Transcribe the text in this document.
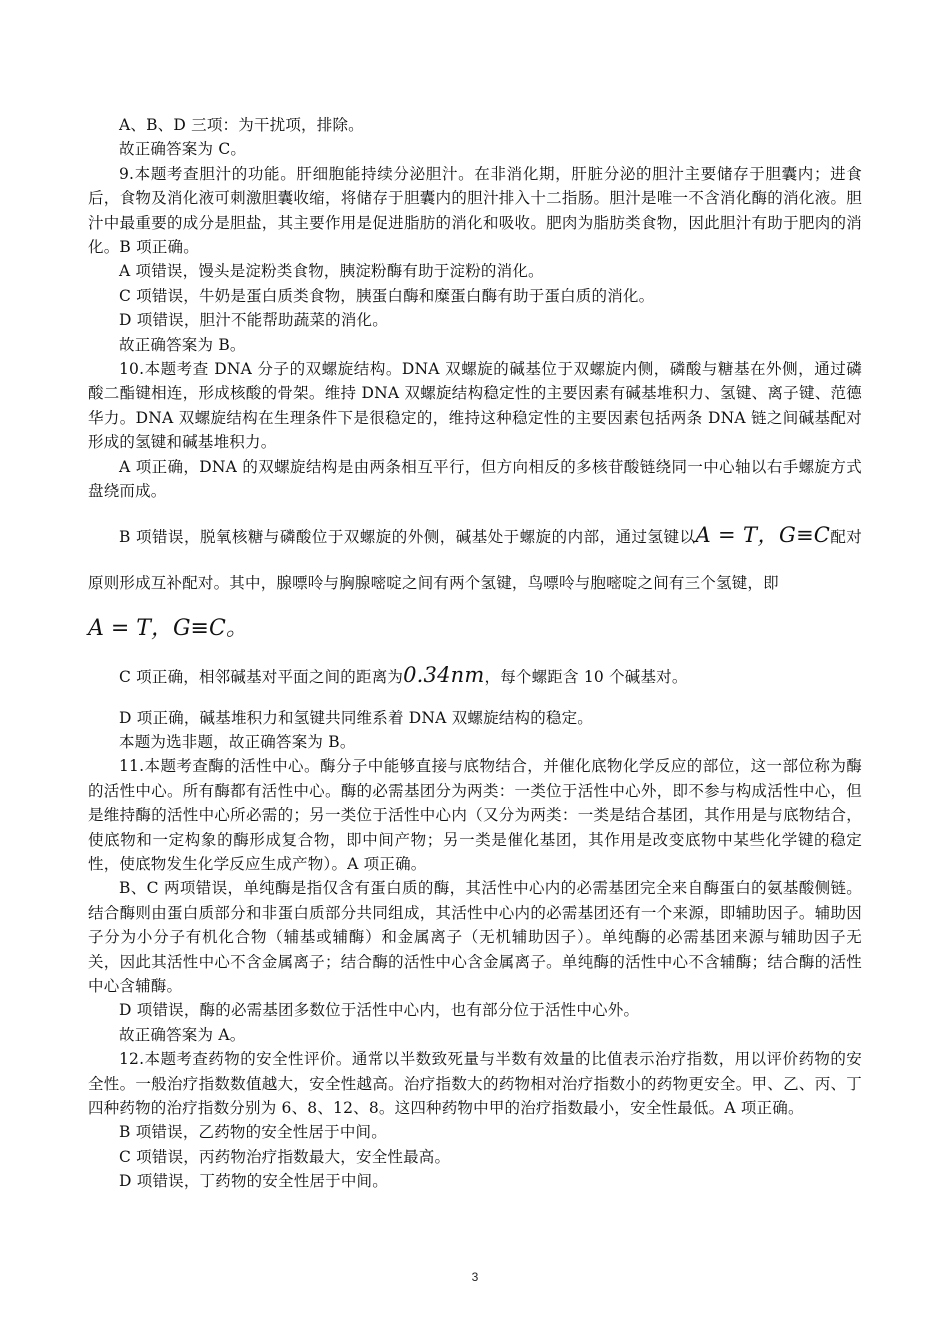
A、B、D 三项：为干扰项，排除。

故正确答案为 C。

9.本题考查胆汁的功能。肝细胞能持续分泌胆汁。在非消化期，肝脏分泌的胆汁主要储存于胆囊内；进食后，食物及消化液可刺激胆囊收缩，将储存于胆囊内的胆汁排入十二指肠。胆汁是唯一不含消化酶的消化液。胆汁中最重要的成分是胆盐，其主要作用是促进脂肪的消化和吸收。肥肉为脂肪类食物，因此胆汁有助于肥肉的消化。B 项正确。

A 项错误，馒头是淀粉类食物，胰淀粉酶有助于淀粉的消化。

C 项错误，牛奶是蛋白质类食物，胰蛋白酶和糜蛋白酶有助于蛋白质的消化。

D 项错误，胆汁不能帮助蔬菜的消化。

故正确答案为 B。

10.本题考查 DNA 分子的双螺旋结构。DNA 双螺旋的碱基位于双螺旋内侧，磷酸与糖基在外侧，通过磷酸二酯键相连，形成核酸的骨架。维持 DNA 双螺旋结构稳定性的主要因素有碱基堆积力、氢键、离子键、范德华力。DNA 双螺旋结构在生理条件下是很稳定的，维持这种稳定性的主要因素包括两条 DNA 链之间碱基配对形成的氢键和碱基堆积力。

A 项正确，DNA 的双螺旋结构是由两条相互平行，但方向相反的多核苷酸链绕同一中心轴以右手螺旋方式盘绕而成。

B 项错误，脱氧核糖与磷酸位于双螺旋的外侧，碱基处于螺旋的内部，通过氢键以A = T，G≡C配对原则形成互补配对。其中，腺嘌呤与胸腺嘧啶之间有两个氢键，鸟嘌呤与胞嘧啶之间有三个氢键，即

A = T，G≡C。

C 项正确，相邻碱基对平面之间的距离为0.34nm，每个螺距含 10 个碱基对。

D 项正确，碱基堆积力和氢键共同维系着 DNA 双螺旋结构的稳定。

本题为选非题，故正确答案为 B。

11.本题考查酶的活性中心。酶分子中能够直接与底物结合，并催化底物化学反应的部位，这一部位称为酶的活性中心。所有酶都有活性中心。酶的必需基团分为两类：一类位于活性中心外，即不参与构成活性中心，但是维持酶的活性中心所必需的；另一类位于活性中心内（又分为两类：一类是结合基团，其作用是与底物结合，使底物和一定构象的酶形成复合物，即中间产物；另一类是催化基团，其作用是改变底物中某些化学键的稳定性，使底物发生化学反应生成产物）。A 项正确。

B、C 两项错误，单纯酶是指仅含有蛋白质的酶，其活性中心内的必需基团完全来自酶蛋白的氨基酸侧链。结合酶则由蛋白质部分和非蛋白质部分共同组成，其活性中心内的必需基团还有一个来源，即辅助因子。辅助因子分为小分子有机化合物（辅基或辅酶）和金属离子（无机辅助因子）。单纯酶的必需基团来源与辅助因子无关，因此其活性中心不含金属离子；结合酶的活性中心含金属离子。单纯酶的活性中心不含辅酶；结合酶的活性中心含辅酶。

D 项错误，酶的必需基团多数位于活性中心内，也有部分位于活性中心外。

故正确答案为 A。

12.本题考查药物的安全性评价。通常以半数致死量与半数有效量的比值表示治疗指数，用以评价药物的安全性。一般治疗指数数值越大，安全性越高。治疗指数大的药物相对治疗指数小的药物更安全。甲、乙、丙、丁四种药物的治疗指数分别为 6、8、12、8。这四种药物中甲的治疗指数最小，安全性最低。A 项正确。

B 项错误，乙药物的安全性居于中间。

C 项错误，丙药物治疗指数最大，安全性最高。

D 项错误，丁药物的安全性居于中间。

3
